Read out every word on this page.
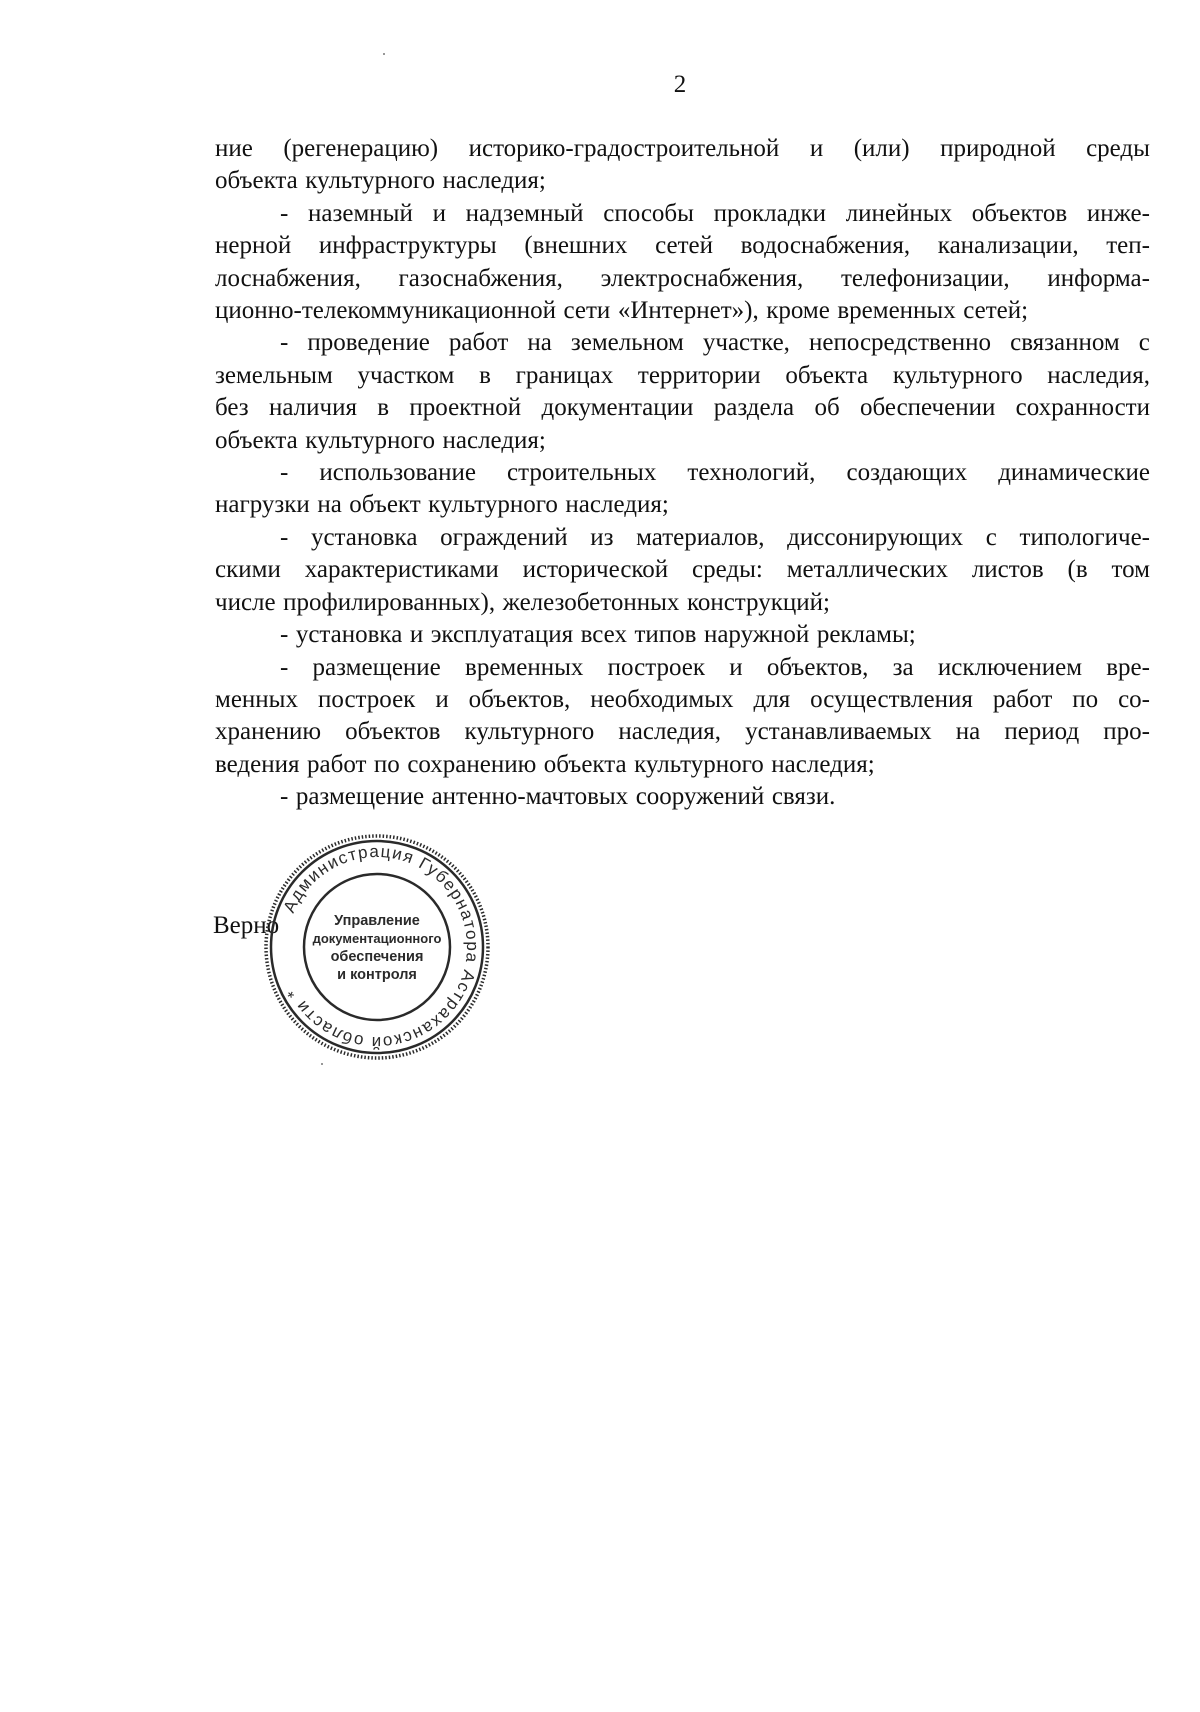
2
ние (регенерацию) историко-градостроительной и (или) природной среды
объекта культурного наследия;
- наземный и надземный способы прокладки линейных объектов инже-
нерной инфраструктуры (внешних сетей водоснабжения, канализации, теп-
лоснабжения, газоснабжения, электроснабжения, телефонизации, информа-
ционно-телекоммуникационной сети «Интернет»), кроме временных сетей;
- проведение работ на земельном участке, непосредственно связанном с
земельным участком в границах территории объекта культурного наследия,
без наличия в проектной документации раздела об обеспечении сохранности
объекта культурного наследия;
- использование строительных технологий, создающих динамические
нагрузки на объект культурного наследия;
- установка ограждений из материалов, диссонирующих с типологиче-
скими характеристиками исторической среды: металлических листов (в том
числе профилированных), железобетонных конструкций;
- установка и эксплуатация всех типов наружной рекламы;
- размещение временных построек и объектов, за исключением вре-
менных построек и объектов, необходимых для осуществления работ по со-
хранению объектов культурного наследия, устанавливаемых на период про-
ведения работ по сохранению объекта культурного наследия;
- размещение антенно-мачтовых сооружений связи.
Верно
Администрация Губернатора Астраханской области *
Управление
документационного
обеспечения
и контроля
